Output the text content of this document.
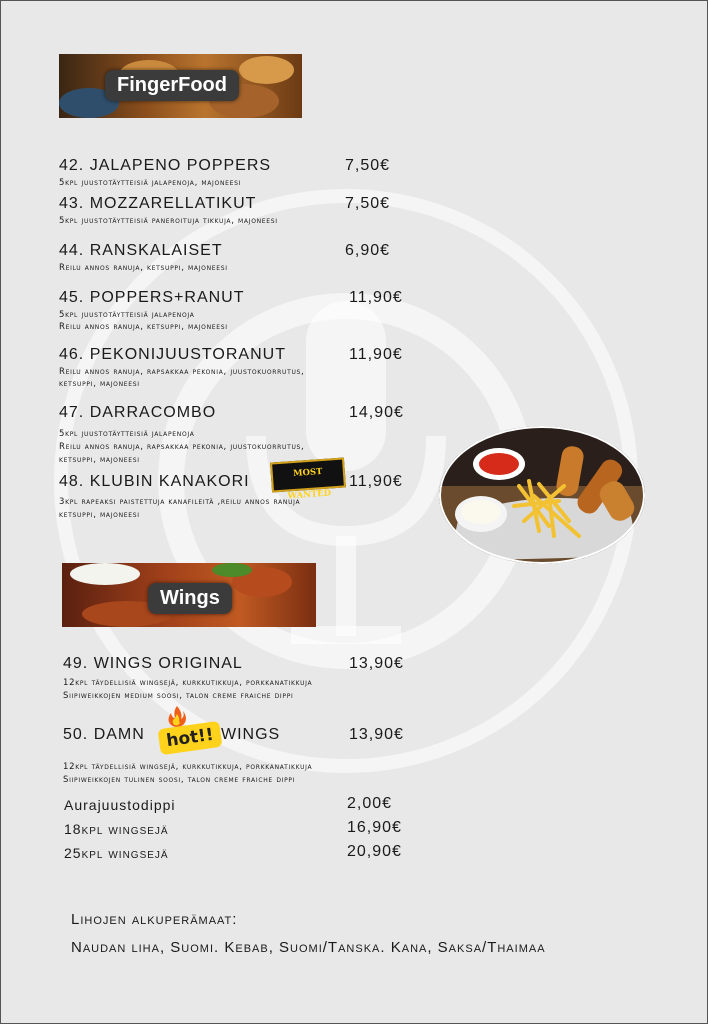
FingerFood
42. JALAPENO POPPERS	7,50€
5kpl juustotäytteisiä jalapenoja, majoneesi
43. MOZZARELLATIKUT	7,50€
5kpl juustotäytteisiä paneroituja tikkuja, majoneesi
44. RANSKALAISET	6,90€
Reilu annos ranuja, ketsuppi, majoneesi
45. POPPERS+RANUT	11,90€
5kpl juustotäytteisiä jalapenoja
Reilu annos ranuja, ketsuppi, majoneesi
46. PEKONIJUUSTORANUT	11,90€
Reilu annos ranuja, rapsakkaa pekonia, juustokuorrutus,
ketsuppi, majoneesi
47. DARRACOMBO	14,90€
5kpl juustotäytteisiä jalapenoja
Reilu annos ranuja, rapsakkaa pekonia, juustokuorrutus,
ketsuppi, majoneesi
48. KLUBIN KANAKORI	11,90€
3kpl rapeaksi paistettuja kanafileitä ,reilu annos ranuja
ketsuppi, majoneesi
MOST WANTED
Wings
49. WINGS ORIGINAL	13,90€
12kpl täydellisiä wingsejä, kurkkutikkuja, porkkanatikkuja
Siipiweikkojen medium soosi, talon creme fraiche dippi
50. DAMN	WINGS	13,90€
12kpl täydellisiä wingsejä, kurkkutikkuja, porkkanatikkuja
Siipiweikkojen tulinen soosi, talon creme fraiche dippi
hot!!
Aurajuustodippi	2,00€
18kpl wingsejä	16,90€
25kpl wingsejä	20,90€
Lihojen alkuperämaat:
Naudan liha, Suomi. Kebab, Suomi/Tanska. Kana, Saksa/Thaimaa
